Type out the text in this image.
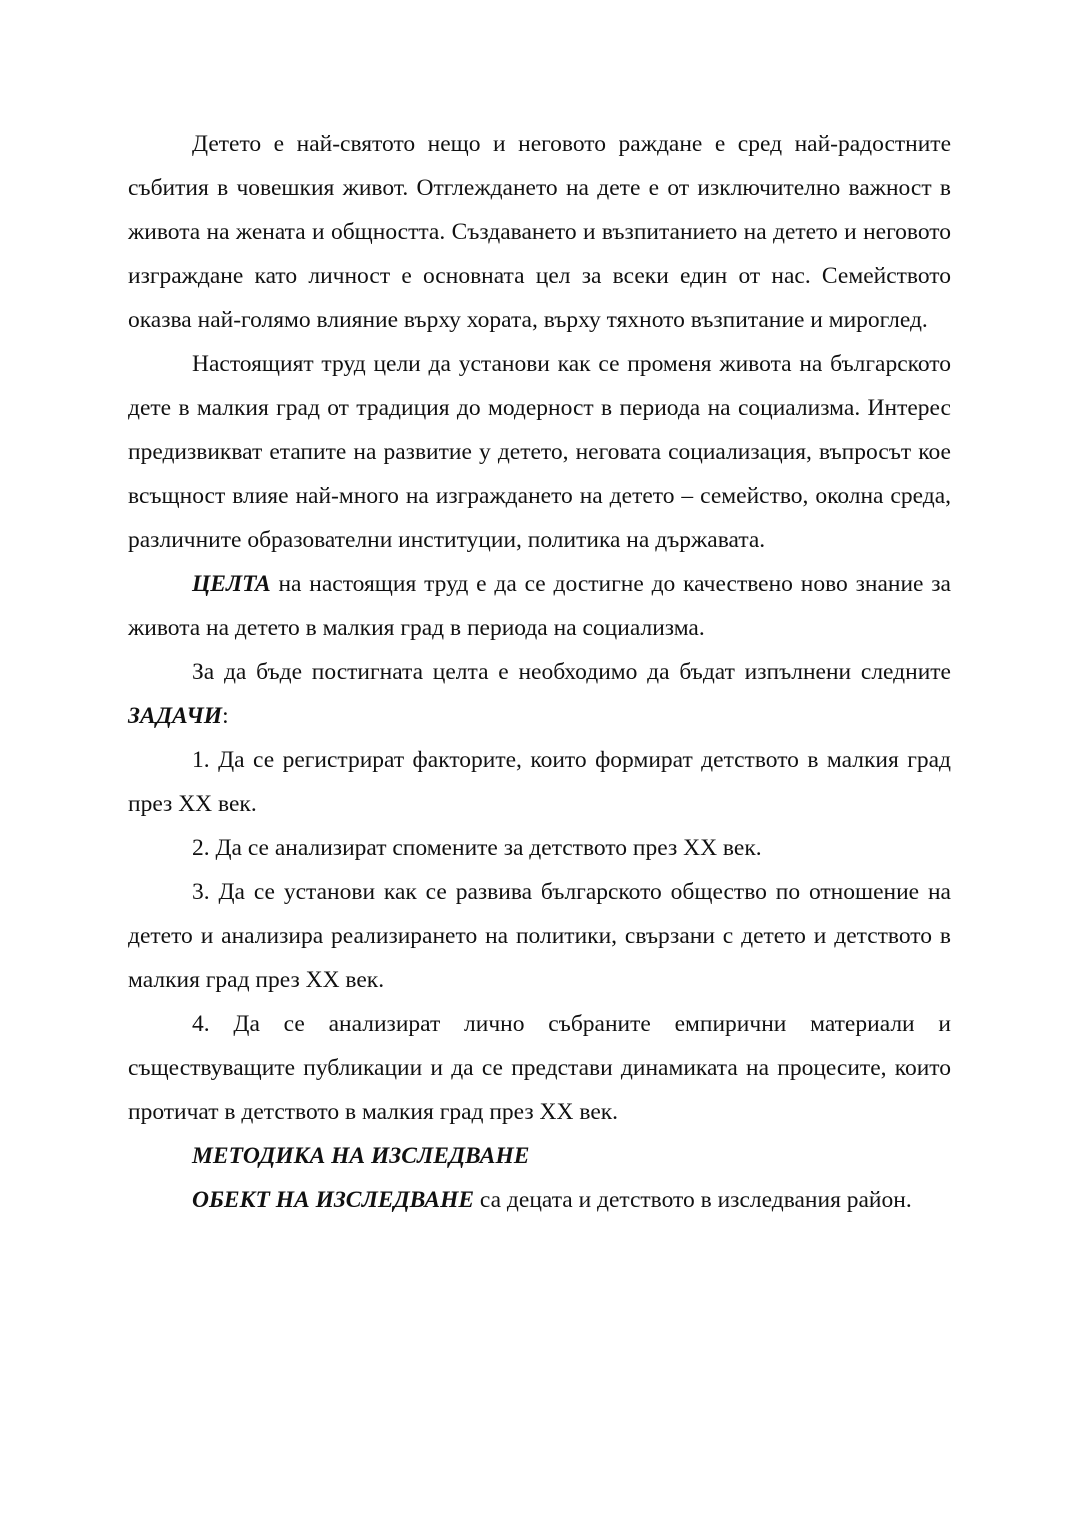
Детето е най-святото нещо и неговото раждане е сред най-радостните събития в човешкия живот. Отглеждането на дете е от изключително важност в живота на жената и общността. Създаването и възпитанието на детето и неговото изграждане като личност е основната цел за всеки един от нас. Семейството оказва най-голямо влияние върху хората, върху тяхното възпитание и мироглед.

Настоящият труд цели да установи как се променя живота на българското дете в малкия град от традиция до модерност в периода на социализма. Интерес предизвикват етапите на развитие у детето, неговата социализация, въпросът кое всъщност влияе най-много на изграждането на детето – семейство, околна среда, различните образователни институции, политика на държавата.

ЦЕЛТА на настоящия труд е да се достигне до качествено ново знание за живота на детето в малкия град в периода на социализма.

За да бъде постигната целта е необходимо да бъдат изпълнени следните ЗАДАЧИ:

1. Да се регистрират факторите, които формират детството в малкия град през XX век.

2. Да се анализират спомените за детството през XX век.

3. Да се установи как се развива българското общество по отношение на детето и анализира реализирането на политики, свързани с детето и детството в малкия град през XX век.

4. Да се анализират лично събраните емпирични материали и съществуващите публикации и да се представи динамиката на процесите, които протичат в детството в малкия град през XX век.

МЕТОДИКА НА ИЗСЛЕДВАНЕ

ОБЕКТ НА ИЗСЛЕДВАНЕ са децата и детството в изследвания район.
